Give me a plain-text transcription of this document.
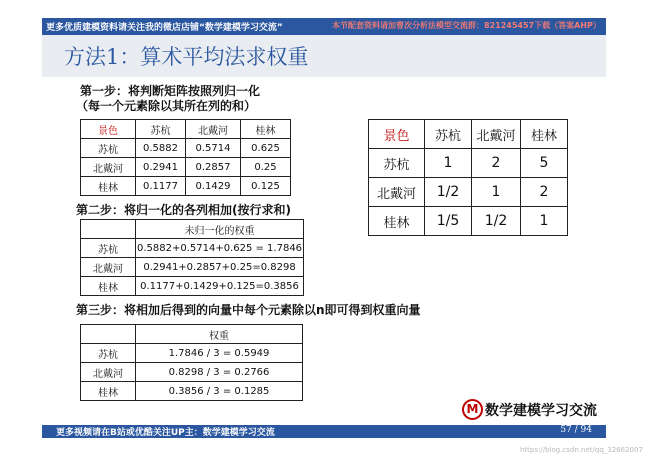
更多优质建模资料请关注我的微店店铺“数学建模学习交流”	本节配套资料请加曹次分析法模型交流群：821245457下载（答案AHP）
方法1：算术平均法求权重
第一步：将判断矩阵按照列归一化
（每一个元素除以其所在列的和）
景色	苏杭	北戴河	桂林
苏杭	0.5882	0.5714	0.625
北戴河	0.2941	0.2857	0.25
桂林	0.1177	0.1429	0.125
第二步：将归一化的各列相加(按行求和)
	未归一化的权重
苏杭	0.5882+0.5714+0.625 = 1.7846
北戴河	0.2941+0.2857+0.25=0.8298
桂林	0.1177+0.1429+0.125=0.3856
第三步：将相加后得到的向量中每个元素除以n即可得到权重向量
	权重
苏杭	1.7846 / 3 = 0.5949
北戴河	0.8298 / 3 = 0.2766
桂林	0.3856 / 3 = 0.1285
景色	苏杭	北戴河	桂林
苏杭	1	2	5
北戴河	1/2	1	2
桂林	1/5	1/2	1
M 数学建模学习交流
更多视频请在B站或优酷关注UP主：数学建模学习交流	57 / 94
https://blog.csdn.net/qq_32662007
